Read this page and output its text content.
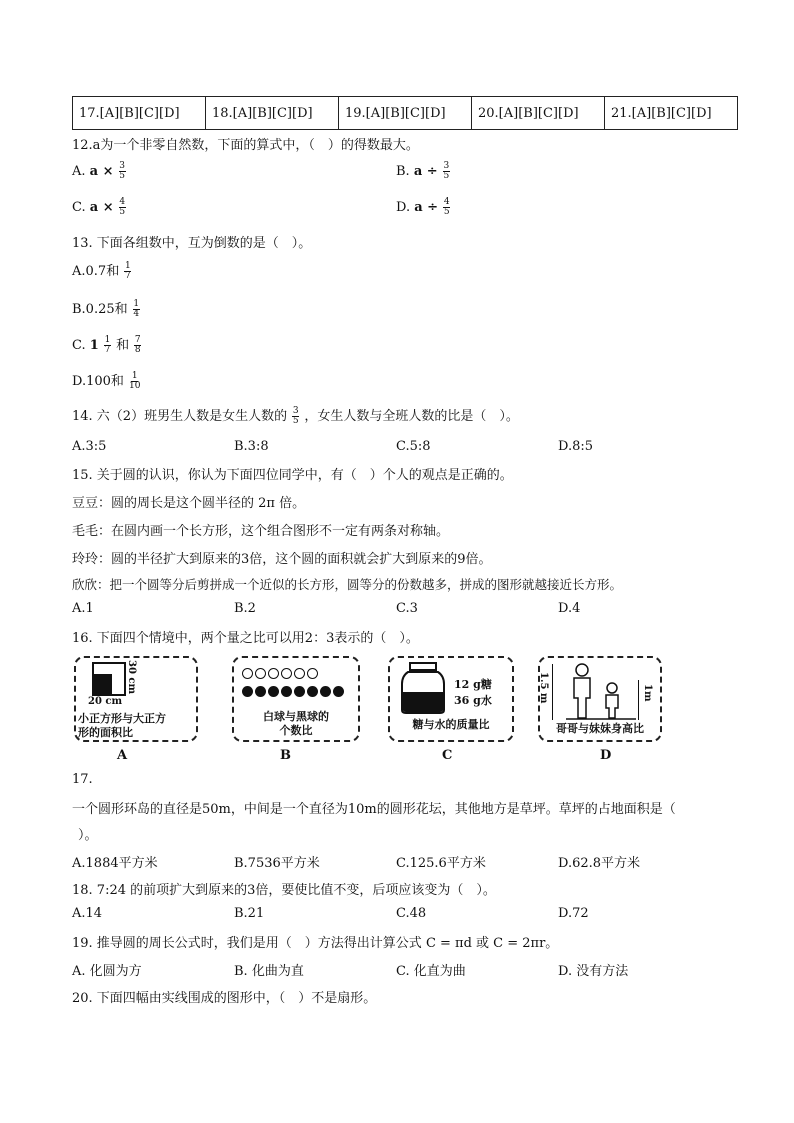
17.[A][B][C][D]	18.[A][B][C][D]	19.[A][B][C][D]	20.[A][B][C][D]	21.[A][B][C][D]
12.a为一个非零自然数，下面的算式中，（　）的得数最大。
A. $a \times \frac{3}{5}$	B. $a \div \frac{3}{5}$
C. $a \times \frac{4}{5}$	D. $a \div \frac{4}{5}$
13. 下面各组数中，互为倒数的是（　）。
A.0.7和 $\frac{1}{7}$
B.0.25和 $\frac{1}{4}$
C. $1 \frac{1}{7}$ 和 $\frac{7}{8}$
D.100和 $\frac{1}{10}$
14. 六（2）班男生人数是女生人数的 $\frac{3}{5}$ ，女生人数与全班人数的比是（　）。
A.3:5	B.3:8	C.5:8	D.8:5
15. 关于圆的认识，你认为下面四位同学中，有（　）个人的观点是正确的。
豆豆：圆的周长是这个圆半径的 2π 倍。
毛毛：在圆内画一个长方形，这个组合图形不一定有两条对称轴。
玲玲：圆的半径扩大到原来的3倍，这个圆的面积就会扩大到原来的9倍。
欣欣：把一个圆等分后剪拼成一个近似的长方形，圆等分的份数越多，拼成的图形就越接近长方形。
A.1	B.2	C.3	D.4
16. 下面四个情境中，两个量之比可以用2：3表示的（　）。
30 cm
20 cm
小正方形与大正方
形的面积比
A
白球与黑球的
个数比
B
12 g糖
36 g水
糖与水的质量比
C
1.5 m	1m
哥哥与妹妹身高比
D
17.
一个圆形环岛的直径是50m，中间是一个直径为10m的圆形花坛，其他地方是草坪。草坪的占地面积是（
）。
A.1884平方米	B.7536平方米	C.125.6平方米	D.62.8平方米
18. 7:24 的前项扩大到原来的3倍，要使比值不变，后项应该变为（　）。
A.14	B.21	C.48	D.72
19. 推导圆的周长公式时，我们是用（　）方法得出计算公式 C = πd 或 C = 2πr。
A. 化圆为方	B. 化曲为直	C. 化直为曲	D. 没有方法
20. 下面四幅由实线围成的图形中，（　）不是扇形。
